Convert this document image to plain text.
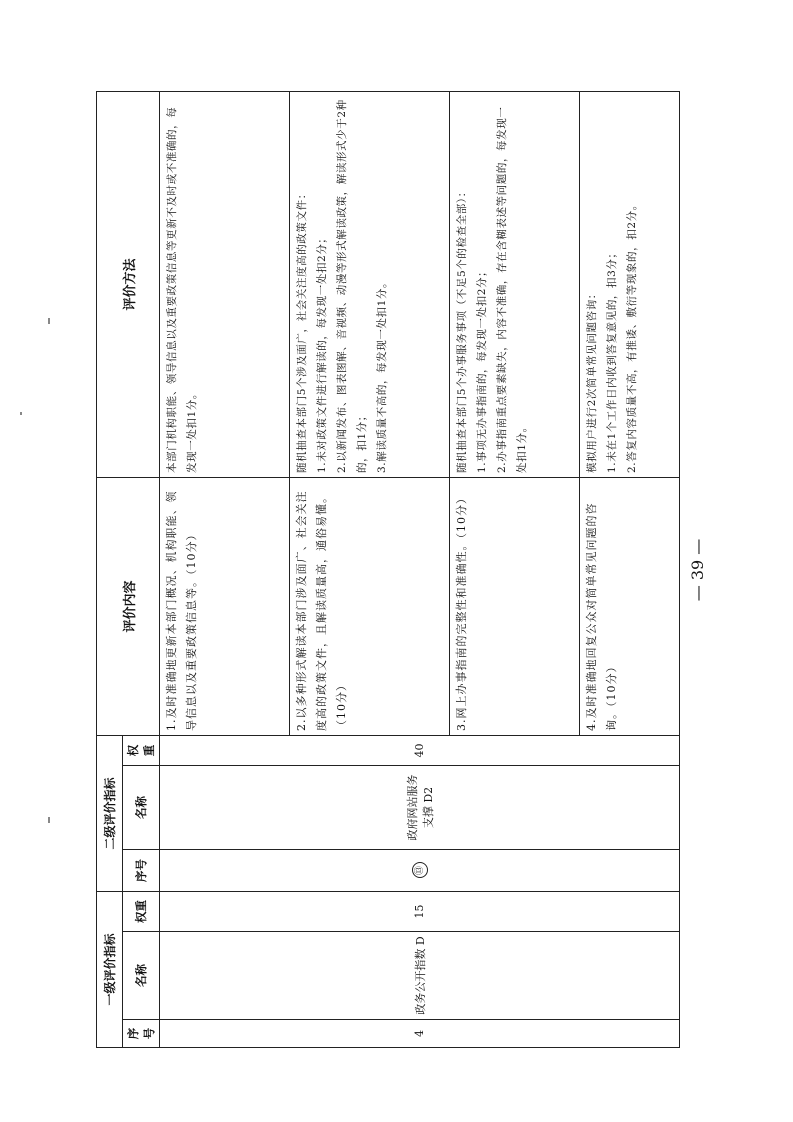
一级评价指标			二级评价指标			评价内容	评价方法
序号	名称	权重	序号	名称	权重		
4	政务公开指数 D	15	⑬	政府网站服务支撑 D2	40	1.及时准确地更新本部门概况、机构职能、领导信息以及重要政策信息等。（10分）	本部门机构职能、领导信息以及重要政策信息等更新不及时或不准确的，每发现一处扣1分。

						2.以多种形式解读本部门涉及面广、社会关注度高的政策文件，且解读质量高，通俗易懂。（10分）	随机抽查本部门5个涉及面广，社会关注度高的政策文件： 1.未对政策文件进行解读的，每发现一处扣2分； 2.以新闻发布、图表图解、音视频、动漫等形式解读政策，解读形式少于2种的，扣1分； 3.解读质量不高的，每发现一处扣1分。

						3.网上办事指南的完整性和准确性。（10分）	随机抽查本部门5个办事服务事项（不足5个的检查全部）： 1.事项无办事指南的，每发现一处扣2分； 2.办事指南重点要素缺失，内容不准确，存在含糊表述等问题的，每发现一处扣1分。

						4.及时准确地回复公众对简单常见问题的咨询。（10分）	模拟用户进行2次简单常见问题咨询： 1.未在1个工作日内收到答复意见的，扣3分； 2.答复内容质量不高，有推诿、敷衍等现象的，扣2分。
— 39 —
